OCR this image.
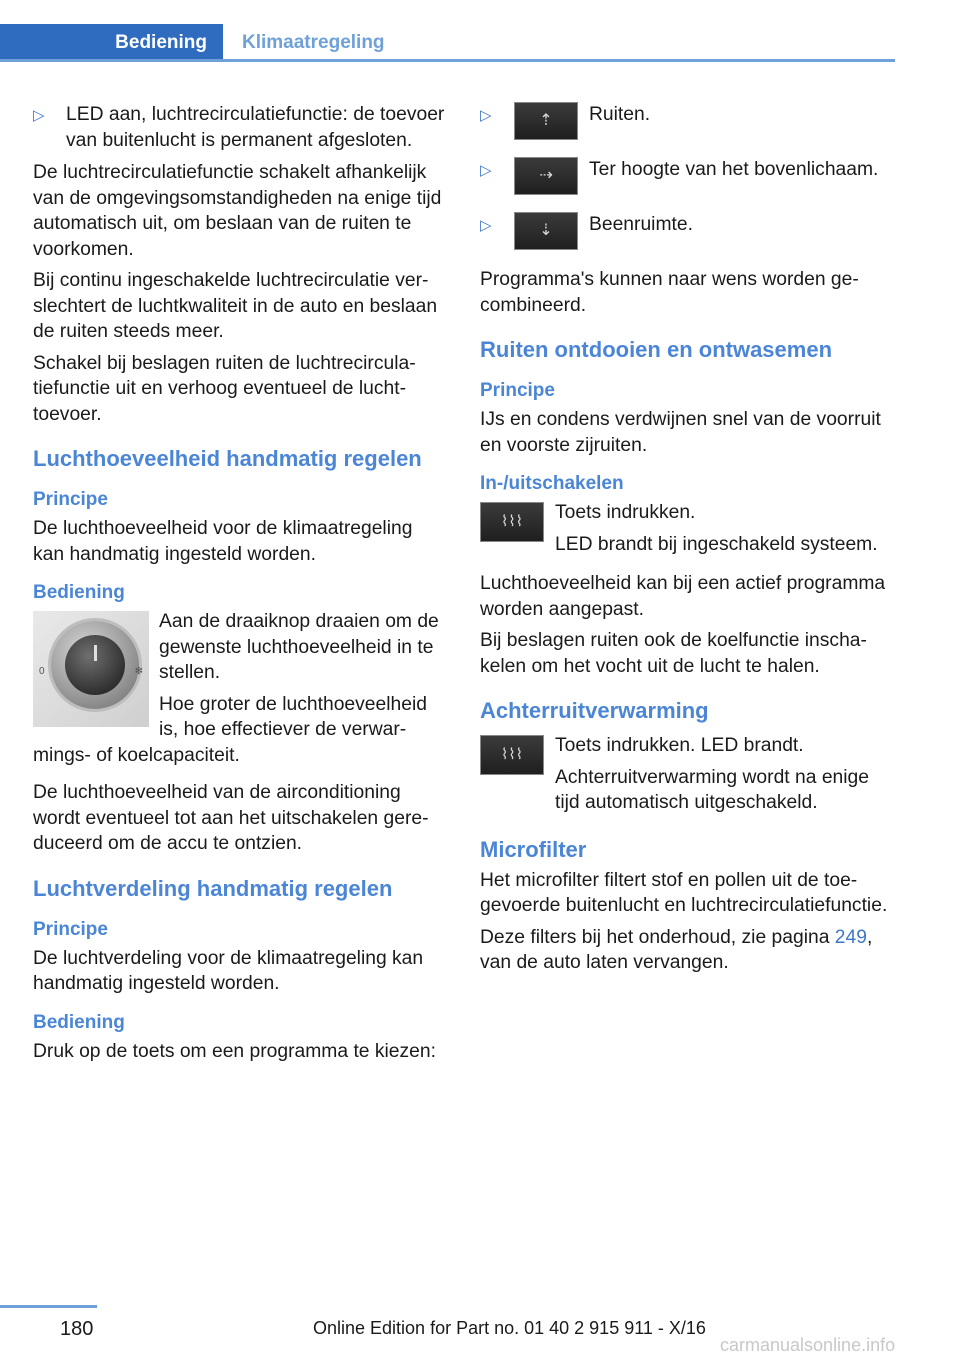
Bediening	Klimaatregeling
▷ LED aan, luchtrecirculatiefunctie: de toevoer van buitenlucht is permanent afgesloten.

De luchtrecirculatiefunctie schakelt afhankelijk van de omgevingsomstandigheden na enige tijd automatisch uit, om beslaan van de ruiten te voorkomen.

Bij continu ingeschakelde luchtrecirculatie verslechtert de luchtkwaliteit in de auto en beslaan de ruiten steeds meer.

Schakel bij beslagen ruiten de luchtrecirculatiefunctie uit en verhoog eventueel de luchttoevoer.

Luchthoeveelheid handmatig regelen
Principe

De luchthoeveelheid voor de klimaatregeling kan handmatig ingesteld worden.

Bediening
0	✻

Aan de draaiknop draaien om de gewenste luchthoeveelheid in te stellen.

Hoe groter de luchthoeveelheid is, hoe effectiever de verwarmings- of koelcapaciteit.

De luchthoeveelheid van de airconditioning wordt eventueel tot aan het uitschakelen gereduceerd om de accu te ontzien.

Luchtverdeling handmatig regelen
Principe

De luchtverdeling voor de klimaatregeling kan handmatig ingesteld worden.

Bediening

Druk op de toets om een programma te kiezen:

▷	⇡	Ruiten.
▷	⇢	Ter hoogte van het bovenlichaam.
▷	⇣	Beenruimte.

Programma's kunnen naar wens worden gecombineerd.

Ruiten ontdooien en ontwasemen
Principe

IJs en condens verdwijnen snel van de voorruit en voorste zijruiten.

In-/uitschakelen
⌇⌇⌇	Toets indrukken.

LED brandt bij ingeschakeld systeem.

Luchthoeveelheid kan bij een actief programma worden aangepast.

Bij beslagen ruiten ook de koelfunctie inschakelen om het vocht uit de lucht te halen.

Achterruitverwarming
⌇⌇⌇	Toets indrukken. LED brandt.

Achterruitverwarming wordt na enige tijd automatisch uitgeschakeld.

Microfilter

Het microfilter filtert stof en pollen uit de toegevoerde buitenlucht en luchtrecirculatiefunctie.

Deze filters bij het onderhoud, zie pagina 249, van de auto laten vervangen.

180	Online Edition for Part no. 01 40 2 915 911 - X/16
carmanualsonline.info
